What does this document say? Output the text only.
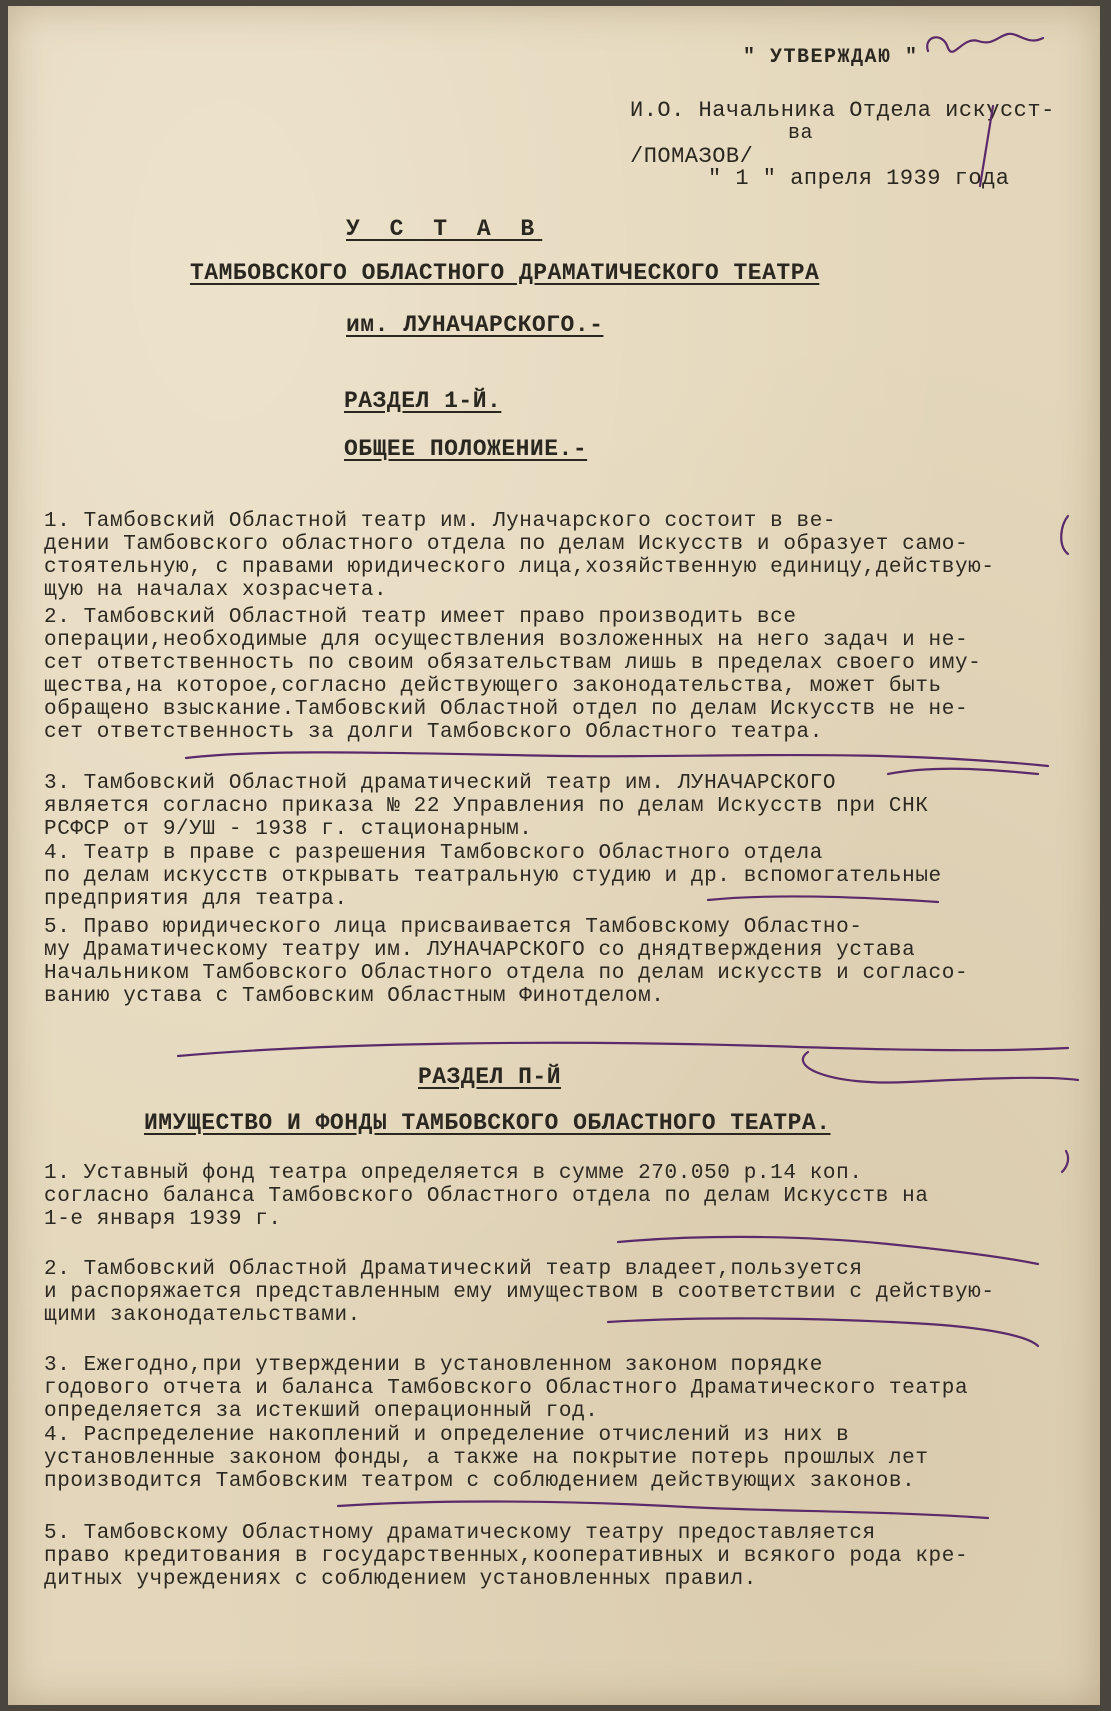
" УТВЕРЖДАЮ "
И.О. Начальника Отдела искусст-
ва
/ПОМАЗОВ/
" 1 " апреля 1939 года
У С Т А В
ТАМБОВСКОГО ОБЛАСТНОГО ДРАМАТИЧЕСКОГО ТЕАТРА
им. ЛУНАЧАРСКОГО.-
РАЗДЕЛ 1-Й.
ОБЩЕЕ ПОЛОЖЕНИЕ.-
1. Тамбовский Областной театр им. Луначарского состоит в ве-
дении Тамбовского областного отдела по делам Искусств и образует само-
стоятельную, с правами юридического лица,хозяйственную единицу,действую-
щую на началах хозрасчета.
2. Тамбовский Областной театр имеет право производить все
операции,необходимые для осуществления возложенных на него задач и не-
сет ответственность по своим обязательствам лишь в пределах своего иму-
щества,на которое,согласно действующего законодательства, может быть
обращено взыскание.Тамбовский Областной отдел по делам Искусств не не-
сет ответственность за долги Тамбовского Областного театра.
3. Тамбовский Областной драматический театр им. ЛУНАЧАРСКОГО
является согласно приказа № 22 Управления по делам Искусств при СНК
РСФСР от 9/УШ - 1938 г. стационарным.
4. Театр в праве с разрешения Тамбовского Областного отдела
по делам искусств открывать театральную студию и др. вспомогательные
предприятия для театра.
5. Право юридического лица присваивается Тамбовскому Областно-
му Драматическому театру им. ЛУНАЧАРСКОГО со днядтверждения устава
Начальником Тамбовского Областного отдела по делам искусств и согласо-
ванию устава с Тамбовским Областным Финотделом.
РАЗДЕЛ П-Й
ИМУЩЕСТВО И ФОНДЫ ТАМБОВСКОГО ОБЛАСТНОГО ТЕАТРА.
1. Уставный фонд театра определяется в сумме 270.050 р.14 коп.
согласно баланса Тамбовского Областного отдела по делам Искусств на
1-е января 1939 г.
2. Тамбовский Областной Драматический театр владеет,пользуется
и распоряжается представленным ему имуществом в соответствии с действую-
щими законодательствами.
3. Ежегодно,при утверждении в установленном законом порядке
годового отчета и баланса Тамбовского Областного Драматического театра
определяется за истекший операционный год.
4. Распределение накоплений и определение отчислений из них в
установленные законом фонды, а также на покрытие потерь прошлых лет
производится Тамбовским театром с соблюдением действующих законов.
5. Тамбовскому Областному драматическому театру предоставляется
право кредитования в государственных,кооперативных и всякого рода кре-
дитных учреждениях с соблюдением установленных правил.
